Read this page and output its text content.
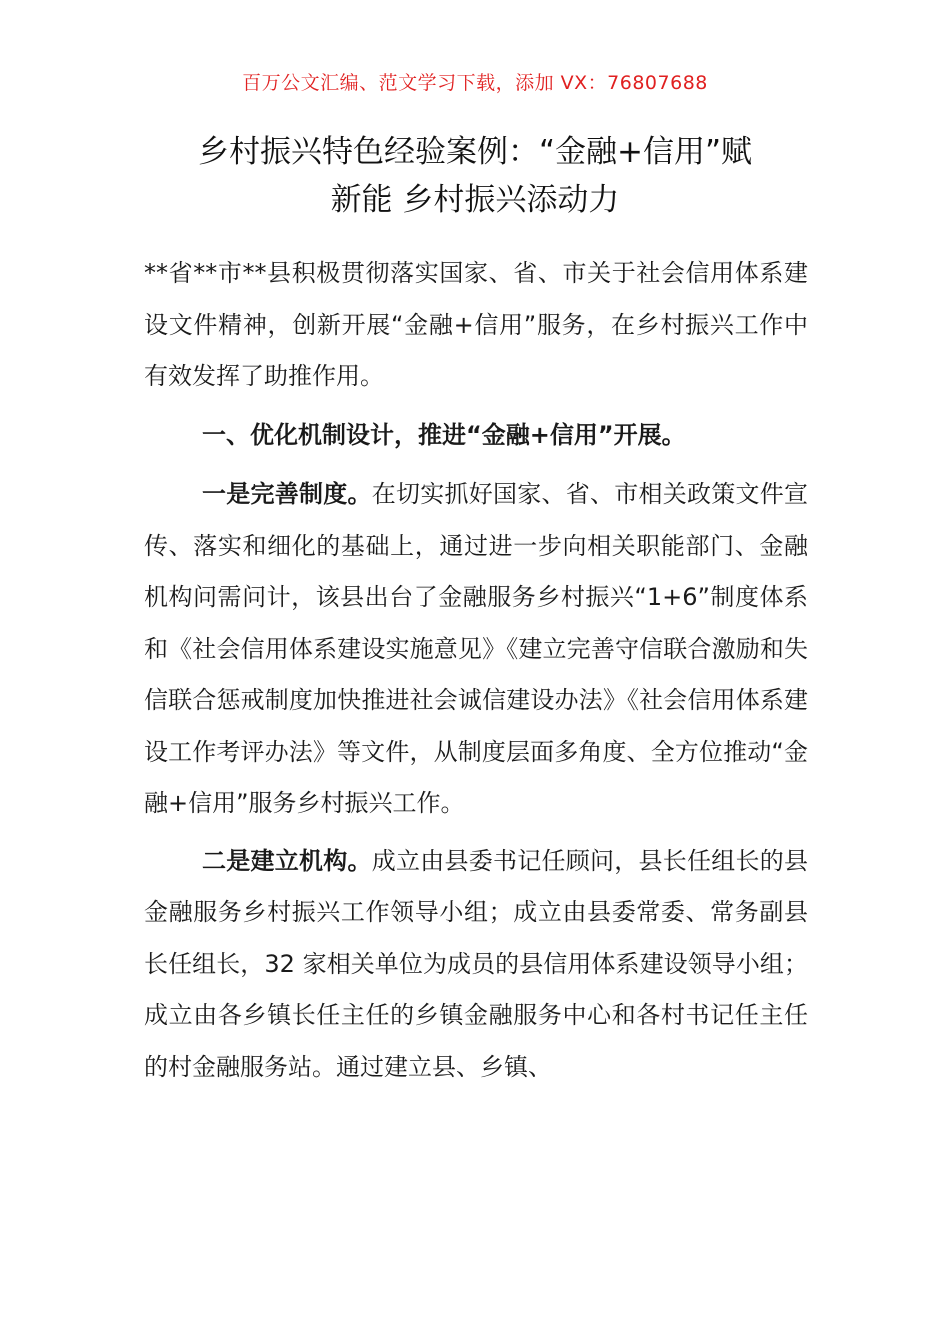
百万公文汇编、范文学习下载，添加 VX：76807688
乡村振兴特色经验案例：“金融+信用”赋
新能 乡村振兴添动力

**省**市**县积极贯彻落实国家、省、市关于社会信用体系建设文件精神，创新开展“金融+信用”服务，在乡村振兴工作中有效发挥了助推作用。

一、优化机制设计，推进“金融+信用”开展。

一是完善制度。在切实抓好国家、省、市相关政策文件宣传、落实和细化的基础上，通过进一步向相关职能部门、金融机构问需问计，该县出台了金融服务乡村振兴“1+6”制度体系和《社会信用体系建设实施意见》《建立完善守信联合激励和失信联合惩戒制度加快推进社会诚信建设办法》《社会信用体系建设工作考评办法》等文件，从制度层面多角度、全方位推动“金融+信用”服务乡村振兴工作。

二是建立机构。成立由县委书记任顾问，县长任组长的县金融服务乡村振兴工作领导小组；成立由县委常委、常务副县长任组长，32 家相关单位为成员的县信用体系建设领导小组；成立由各乡镇长任主任的乡镇金融服务中心和各村书记任主任的村金融服务站。通过建立县、乡镇、
